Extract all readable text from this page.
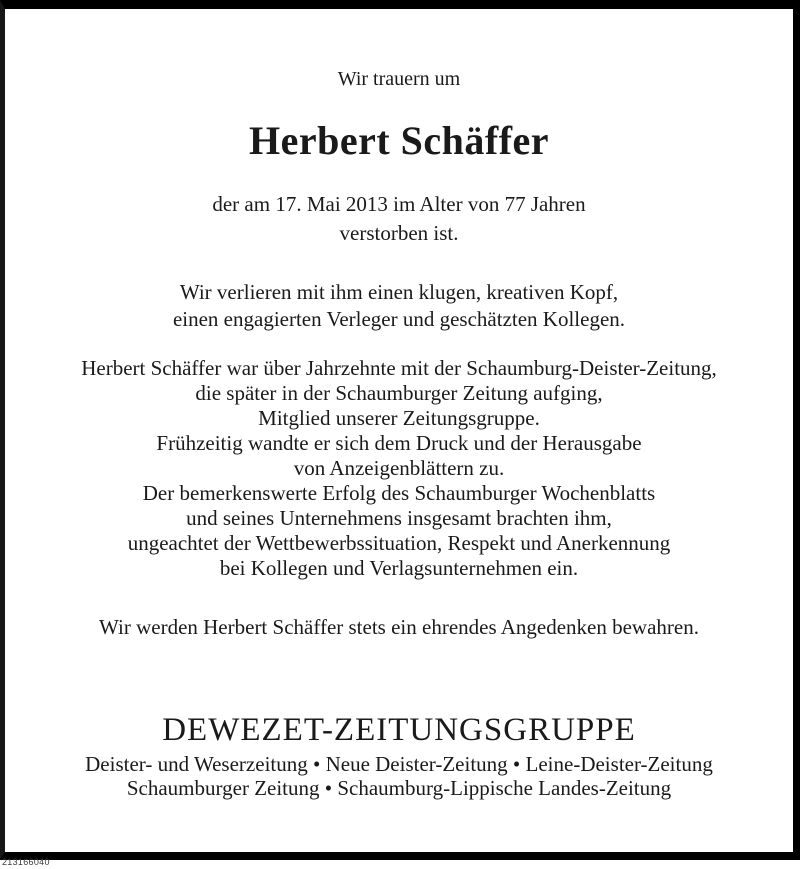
Wir trauern um
Herbert Schäffer
der am 17. Mai 2013 im Alter von 77 Jahren
verstorben ist.
Wir verlieren mit ihm einen klugen, kreativen Kopf,
einen engagierten Verleger und geschätzten Kollegen.
Herbert Schäffer war über Jahrzehnte mit der Schaumburg-Deister-Zeitung,
die später in der Schaumburger Zeitung aufging,
Mitglied unserer Zeitungsgruppe.
Frühzeitig wandte er sich dem Druck und der Herausgabe
von Anzeigenblättern zu.
Der bemerkenswerte Erfolg des Schaumburger Wochenblatts
und seines Unternehmens insgesamt brachten ihm,
ungeachtet der Wettbewerbssituation, Respekt und Anerkennung
bei Kollegen und Verlagsunternehmen ein.
Wir werden Herbert Schäffer stets ein ehrendes Angedenken bewahren.
DEWEZET-ZEITUNGSGRUPPE
Deister- und Weserzeitung • Neue Deister-Zeitung • Leine-Deister-Zeitung
Schaumburger Zeitung • Schaumburg-Lippische Landes-Zeitung
213166040
